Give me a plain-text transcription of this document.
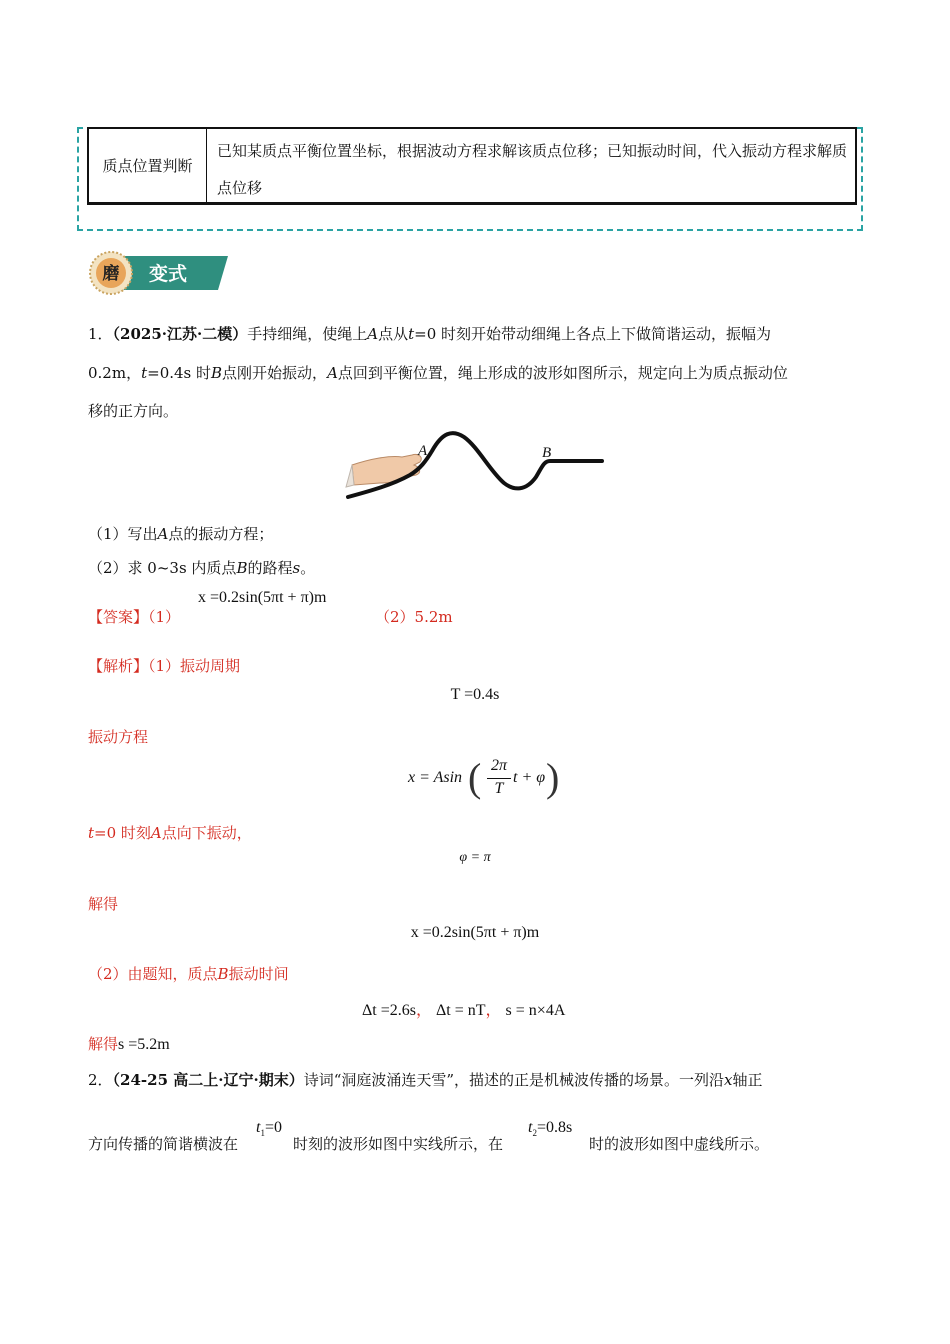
质点位置判断
已知某质点平衡位置坐标，根据波动方程求解该质点位移；已知振动时间，代入振动方程求解质点位移
磨 变式
1．（2025·江苏·二模）手持细绳，使绳上A点从t=0 时刻开始带动细绳上各点上下做简谐运动，振幅为
0.2m，t=0.4s 时B点刚开始振动，A点回到平衡位置，绳上形成的波形如图所示，规定向上为质点振动位
移的正方向。
A	B
（1）写出A点的振动方程；
（2）求 0~3s 内质点B的路程s。
【答案】（1）
x =0.2sin(5πt + π)m
（2）5.2m
【解析】（1）振动周期
T =0.4s
振动方程
x = Asin ( 2π
T
t + φ )
t=0 时刻A点向下振动，
φ = π
解得
x =0.2sin(5πt + π)m
（2）由题知，质点B振动时间
Δt =2.6s， Δt = nT， s = n×4A
解得s =5.2m
2．（24-25 高二上·辽宁·期末）诗词“洞庭波涌连天雪”，描述的正是机械波传播的场景。一列沿x轴正
方向传播的简谐横波在
$t_1=0$
时刻的波形如图中实线所示，在
$t_2=0.8s$
时的波形如图中虚线所示。
